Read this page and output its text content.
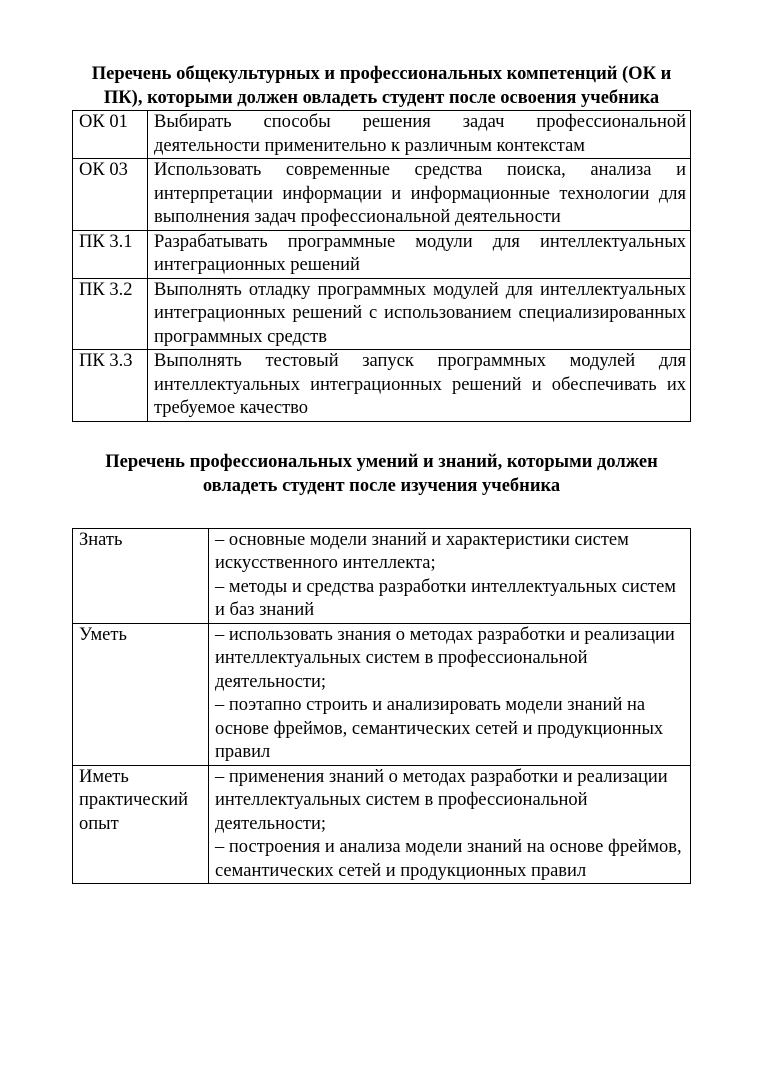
Перечень общекультурных и профессиональных компетенций (ОК и ПК), которыми должен овладеть студент после освоения учебника
ОК 01	Выбирать способы решения задач профессиональной деятельности применительно к различным контекстам
ОК 03	Использовать современные средства поиска, анализа и интерпретации информации и информационные технологии для выполнения задач профессиональной деятельности
ПК 3.1	Разрабатывать программные модули для интеллектуальных интеграционных решений
ПК 3.2	Выполнять отладку программных модулей для интеллектуальных интеграционных решений с использованием специализированных программных средств
ПК 3.3	Выполнять тестовый запуск программных модулей для интеллектуальных интеграционных решений и обеспечивать их требуемое качество
Перечень профессиональных умений и знаний, которыми должен овладеть студент после изучения учебника
Знать	– основные модели знаний и характеристики систем искусственного интеллекта;
– методы и средства разработки интеллектуальных систем и баз знаний

Уметь	– использовать знания о методах разработки и реализации интеллектуальных систем в профессиональной деятельности;
– поэтапно строить и анализировать модели знаний на основе фреймов, семантических сетей и продукционных правил

Иметь практический опыт	– применения знаний о методах разработки и реализации интеллектуальных систем в профессиональной деятельности;
– построения и анализа модели знаний на основе фреймов, семантических сетей и продукционных правил
